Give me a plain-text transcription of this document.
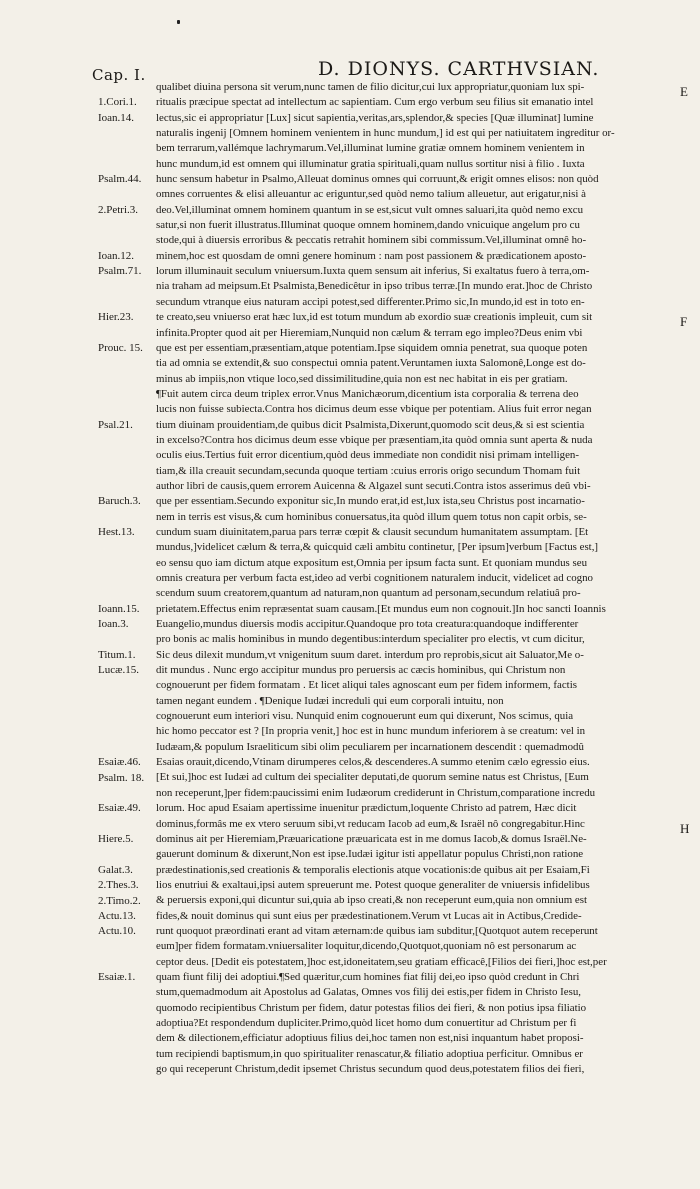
Cap. I.	D. DIONYS. CARTHVSIAN.

qualibet diuina persona sit verum,nunc tamen de filio dicitur,cui lux appropriatur,quoniam lux spi-

ritualis præcipue spectat ad intellectum ac sapientiam. Cum ergo verbum seu filius sit emanatio intel

lectus,sic ei appropriatur [Lux] sicut sapientia,veritas,ars,splendor,& species [Quæ illuminat] lumine

naturalis ingenij [Omnem hominem venientem in hunc mundum,] id est qui per natiuitatem ingreditur or-

bem terrarum,vallémque lachrymarum.Vel,illuminat lumine gratiæ omnem hominem venientem in

hunc mundum,id est omnem qui illuminatur gratia spirituali,quam nullus sortitur nisi à filio . Iuxta

hunc sensum habetur in Psalmo,Alleuat dominus omnes qui corruunt,& erigit omnes elisos: non quòd

omnes corruentes & elisi alleuantur ac eriguntur,sed quòd nemo talium alleuetur, aut erigatur,nisi à

deo.Vel,illuminat omnem hominem quantum in se est,sicut vult omnes saluari,ita quòd nemo excu

satur,si non fuerit illustratus.Illuminat quoque omnem hominem,dando vnicuique angelum pro cu

stode,qui à diuersis erroribus & peccatis retrahit hominem sibi commissum.Vel,illuminat omnê ho-

minem,hoc est quosdam de omni genere hominum : nam post passionem & prædicationem aposto-

lorum illuminauit seculum vniuersum.Iuxta quem sensum ait inferius, Si exaltatus fuero à terra,om-

nia traham ad meipsum.Et Psalmista,Benedicêtur in ipso tribus terræ.[In mundo erat.]hoc de Christo

secundum vtranque eius naturam accipi potest,sed differenter.Primo sic,In mundo,id est in toto en-

te creato,seu vniuerso erat hæc lux,id est totum mundum ab exordio suæ creationis impleuit, cum sit

infinita.Propter quod ait per Hieremiam,Nunquid non cælum & terram ego impleo?Deus enim vbi

que est per essentiam,præsentiam,atque potentiam.Ipse siquidem omnia penetrat, sua quoque poten

tia ad omnia se extendit,& suo conspectui omnia patent.Veruntamen iuxta Salomonê,Longe est do-

minus ab impiis,non vtique loco,sed dissimilitudine,quia non est nec habitat in eis per gratiam.

¶Fuit autem circa deum triplex error.Vnus Manichæorum,dicentium ista corporalia & terrena deo

lucis non fuisse subiecta.Contra hos dicimus deum esse vbique per potentiam. Alius fuit error negan

tium diuinam prouidentiam,de quibus dicit Psalmista,Dixerunt,quomodo scit deus,& si est scientia

in excelso?Contra hos dicimus deum esse vbique per præsentiam,ita quòd omnia sunt aperta & nuda

oculis eius.Tertius fuit error dicentium,quòd deus immediate non condidit nisi primam intelligen-

tiam,& illa creauit secundam,secunda quoque tertiam :cuius erroris origo secundum Thomam fuit

author libri de causis,quem errorem Auicenna & Algazel sunt secuti.Contra istos asserimus deû vbi-

que per essentiam.Secundo exponitur sic,In mundo erat,id est,lux ista,seu Christus post incarnatio-

nem in terris est visus,& cum hominibus conuersatus,ita quòd illum quem totus non capit orbis, se-

cundum suam diuinitatem,parua pars terræ cœpit & clausit secundum humanitatem assumptam. [Et

mundus,]videlicet cælum & terra,& quicquid cæli ambitu continetur, [Per ipsum]verbum [Factus est,]

eo sensu quo iam dictum atque expositum est,Omnia per ipsum facta sunt. Et quoniam mundus seu

omnis creatura per verbum facta est,ideo ad verbi cognitionem naturalem inducit, videlicet ad cogno

scendum suum creatorem,quantum ad naturam,non quantum ad personam,secundum relatiuâ pro-

prietatem.Effectus enim repræsentat suam causam.[Et mundus eum non cognouit.]In hoc sancti Ioannis

Euangelio,mundus diuersis modis accipitur.Quandoque pro tota creatura:quandoque indifferenter

pro bonis ac malis hominibus in mundo degentibus:interdum specialiter pro electis, vt cum dicitur,

Sic deus dilexit mundum,vt vnigenitum suum daret. interdum pro reprobis,sicut ait Saluator,Me o-

dit mundus . Nunc ergo accipitur mundus pro peruersis ac cæcis hominibus, qui Christum non

cognouerunt per fidem formatam . Et licet aliqui tales agnoscant eum per fidem informem, factis

tamen negant eundem . ¶Denique Iudæi increduli qui eum corporali intuitu, non

cognouerunt eum interiori visu. Nunquid enim cognouerunt eum qui dixerunt, Nos scimus, quia

hic homo peccator est ? [In propria venit,] hoc est in hunc mundum inferiorem à se creatum: vel in

Iudæam,& populum Israeliticum sibi olim peculiarem per incarnationem descendit : quemadmodû

Esaias orauit,dicendo,Vtinam dirumperes celos,& descenderes.A summo etenim cælo egressio eius.

[Et sui,]hoc est Iudæi ad cultum dei specialiter deputati,de quorum semine natus est Christus, [Eum

non receperunt,]per fidem:paucissimi enim Iudæorum crediderunt in Christum,comparatione incredu

lorum. Hoc apud Esaiam apertissime inuenitur prædictum,loquente Christo ad patrem, Hæc dicit

dominus,formâs me ex vtero seruum sibi,vt reducam Iacob ad eum,& Israël nô congregabitur.Hinc

dominus ait per Hieremiam,Præuaricatione præuaricata est in me domus Iacob,& domus Israël.Ne-

gauerunt dominum & dixerunt,Non est ipse.Iudæi igitur isti appellatur populus Christi,non ratione

prædestinationis,sed creationis & temporalis electionis atque vocationis:de quibus ait per Esaiam,Fi

lios enutriui & exaltaui,ipsi autem spreuerunt me. Potest quoque generaliter de vniuersis infidelibus

& peruersis exponi,qui dicuntur sui,quia ab ipso creati,& non receperunt eum,quia non omnium est

fides,& nouit dominus qui sunt eius per prædestinationem.Verum vt Lucas ait in Actibus,Credide-

runt quoquot præordinati erant ad vitam æternam:de quibus iam subditur,[Quotquot autem receperunt

eum]per fidem formatam.vniuersaliter loquitur,dicendo,Quotquot,quoniam nô est personarum ac

ceptor deus. [Dedit eis potestatem,]hoc est,idoneitatem,seu gratiam efficacê,[Filios dei fieri,]hoc est,per

quam fiunt filij dei adoptiui.¶Sed quæritur,cum homines fiat filij dei,eo ipso quòd credunt in Chri

stum,quemadmodum ait Apostolus ad Galatas, Omnes vos filij dei estis,per fidem in Christo Iesu,

quomodo recipientibus Christum per fidem, datur potestas filios dei fieri, & non potius ipsa filiatio

adoptiua?Et respondendum dupliciter.Primo,quòd licet homo dum conuertitur ad Christum per fi

dem & dilectionem,efficiatur adoptiuus filius dei,hoc tamen non est,nisi inquantum habet proposi-

tum recipiendi baptismum,in quo spiritualiter renascatur,& filiatio adoptiua perficitur. Omnibus er

go qui receperunt Christum,dedit ipsemet Christus secundum quod deus,potestatem filios dei fieri,

1.Cori.1.
Ioan.14.
Psalm.44.
2.Petri.3.
Ioan.12.
Psalm.71.
Hier.23.
Prouc. 15.
Psal.21.
Baruch.3.
Hest.13.
Ioann.15.
Ioan.3.
Titum.1.
Lucæ.15.
Esaiæ.46.
Psalm. 18.
Esaiæ.49.
Hiere.5.
Galat.3.
2.Thes.3.
2.Timo.2.
Actu.13.
Actu.10.
Esaiæ.1.
E
F
H
